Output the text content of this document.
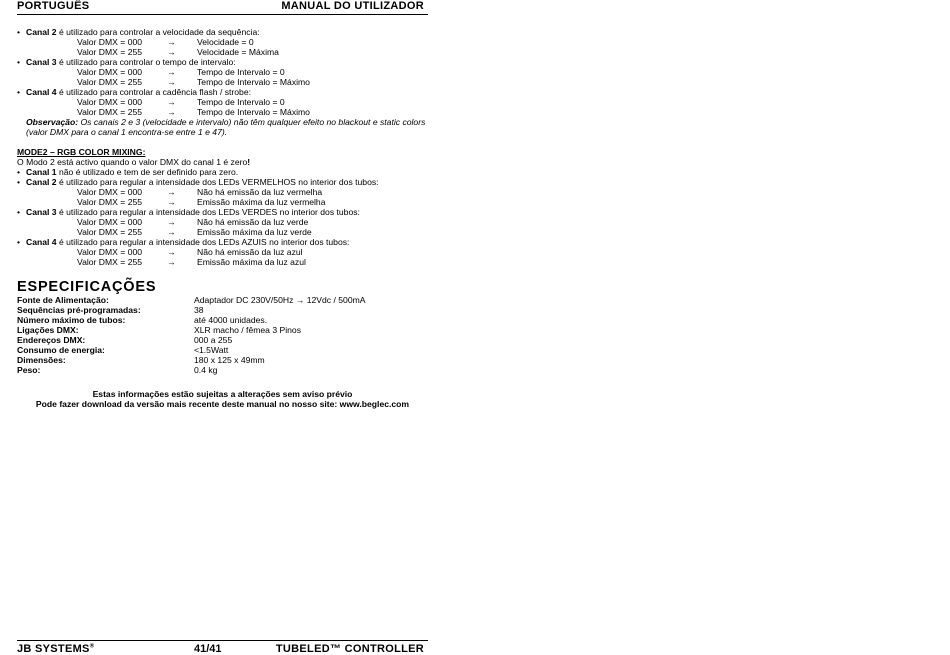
PORTUGUÊS	MANUAL DO UTILIZADOR
• Canal 2 é utilizado para controlar a velocidade da sequência:
Valor DMX = 000	→ Velocidade = 0
Valor DMX = 255	→ Velocidade = Máxima
• Canal 3 é utilizado para controlar o tempo de intervalo:
Valor DMX = 000	→ Tempo de Intervalo = 0
Valor DMX = 255	→ Tempo de Intervalo = Máximo
• Canal 4 é utilizado para controlar a cadência flash / strobe:
Valor DMX = 000	→ Tempo de Intervalo = 0
Valor DMX = 255	→ Tempo de Intervalo = Máximo
Observação: Os canais 2 e 3 (velocidade e intervalo) não têm qualquer efeito no blackout e static colors
(valor DMX para o canal 1 encontra-se entre 1 e 47).
MODE2 – RGB COLOR MIXING:
O Modo 2 está activo quando o valor DMX do canal 1 é zero!
• Canal 1 não é utilizado e tem de ser definido para zero.
• Canal 2 é utilizado para regular a intensidade dos LEDs VERMELHOS no interior dos tubos:
Valor DMX = 000	→ Não há emissão da luz vermelha
Valor DMX = 255	→ Emissão máxima da luz vermelha
• Canal 3 é utilizado para regular a intensidade dos LEDs VERDES no interior dos tubos:
Valor DMX = 000	→ Não há emissão da luz verde
Valor DMX = 255	→ Emissão máxima da luz verde
• Canal 4 é utilizado para regular a intensidade dos LEDs AZUIS no interior dos tubos:
Valor DMX = 000	→ Não há emissão da luz azul
Valor DMX = 255	→ Emissão máxima da luz azul
ESPECIFICAÇÕES
Fonte de Alimentação:	Adaptador DC 230V/50Hz → 12Vdc / 500mA
Sequências pré-programadas:	38
Número máximo de tubos:	até 4000 unidades.
Ligações DMX:	XLR macho / fêmea 3 Pinos
Endereços DMX:	000 a 255
Consumo de energia:	<1.5Watt
Dimensões:	180 x 125 x 49mm
Peso:	0.4 kg
Estas informações estão sujeitas a alterações sem aviso prévio
Pode fazer download da versão mais recente deste manual no nosso site: www.beglec.com
JB SYSTEMS®	41/41	TUBELED™ CONTROLLER
